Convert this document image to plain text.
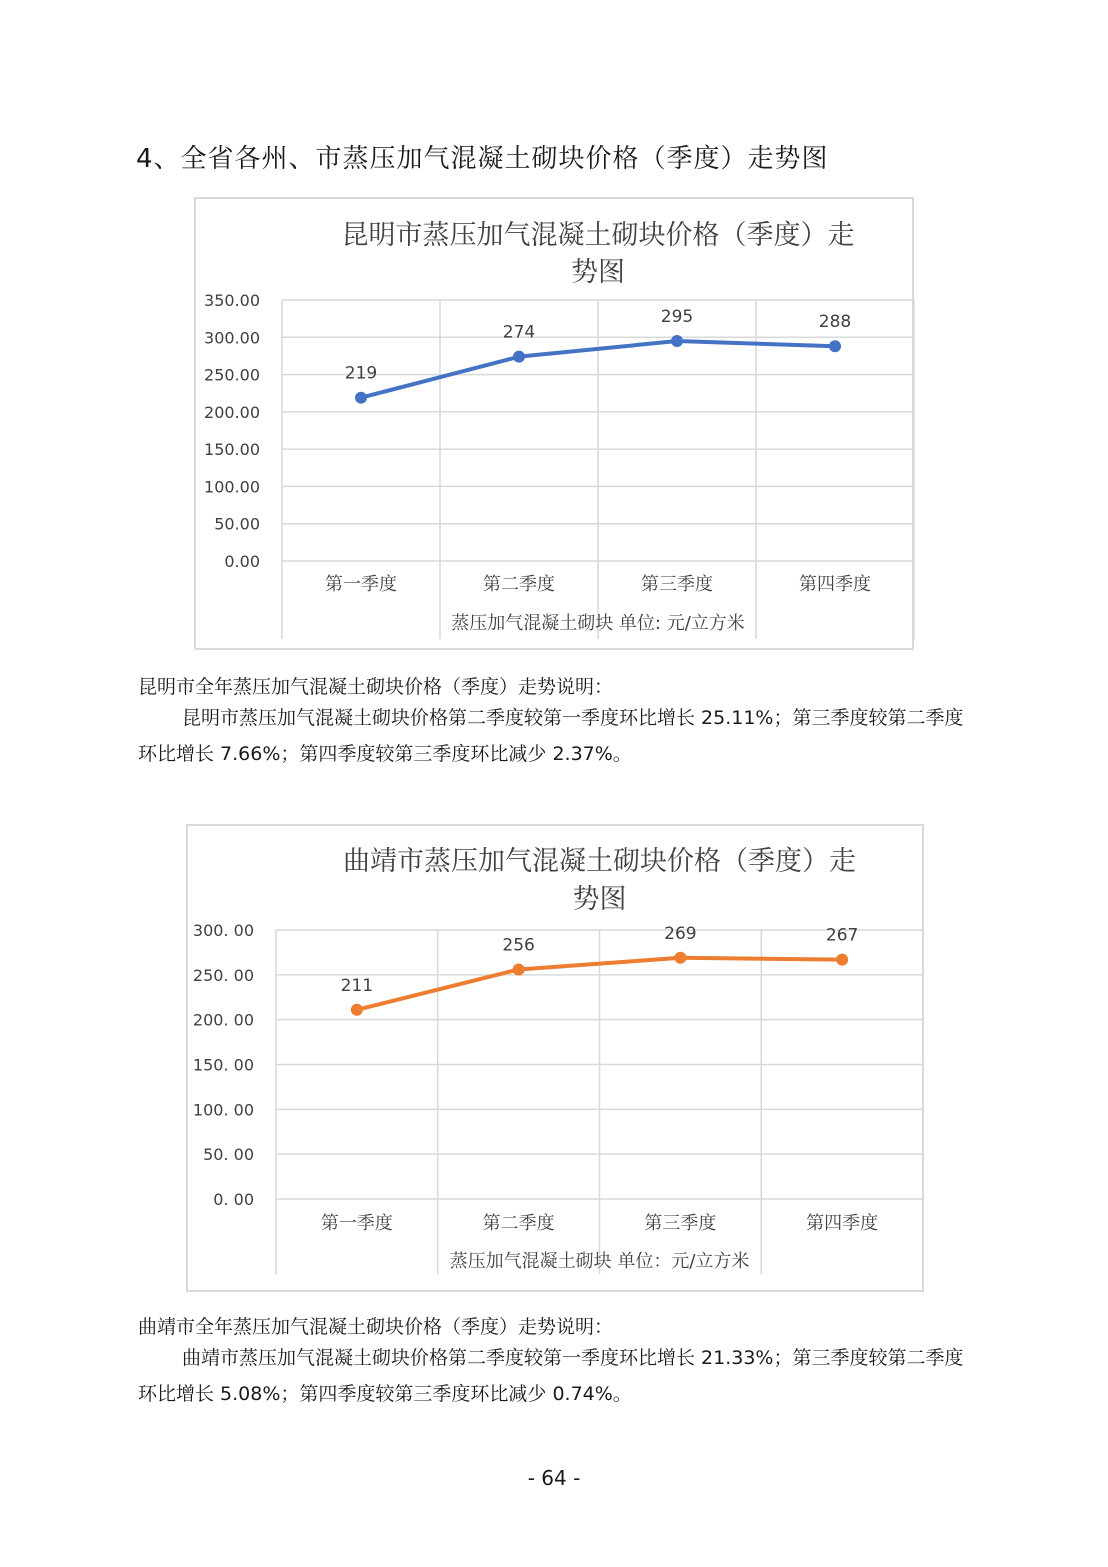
4、全省各州、市蒸压加气混凝土砌块价格（季度）走势图
昆明市蒸压加气混凝土砌块价格（季度）走
势图
0.00
50.00
100.00
150.00
200.00
250.00
300.00
350.00
第一季度	第二季度	第三季度	第四季度
蒸压加气混凝土砌块 单位: 元/立方米
219
274
295	288
昆明市全年蒸压加气混凝土砌块价格（季度）走势说明：
昆明市蒸压加气混凝土砌块价格第二季度较第一季度环比增长 25.11%；第三季度较第二季度环比增长 7.66%；第四季度较第三季度环比减少 2.37%。
曲靖市蒸压加气混凝土砌块价格（季度）走
势图
0. 00
50. 00
100. 00
150. 00
200. 00
250. 00
300. 00
第一季度	第二季度	第三季度	第四季度
蒸压加气混凝土砌块 单位：元/立方米
211
256
269	267
曲靖市全年蒸压加气混凝土砌块价格（季度）走势说明：
曲靖市蒸压加气混凝土砌块价格第二季度较第一季度环比增长 21.33%；第三季度较第二季度环比增长 5.08%；第四季度较第三季度环比减少 0.74%。
- 64 -
